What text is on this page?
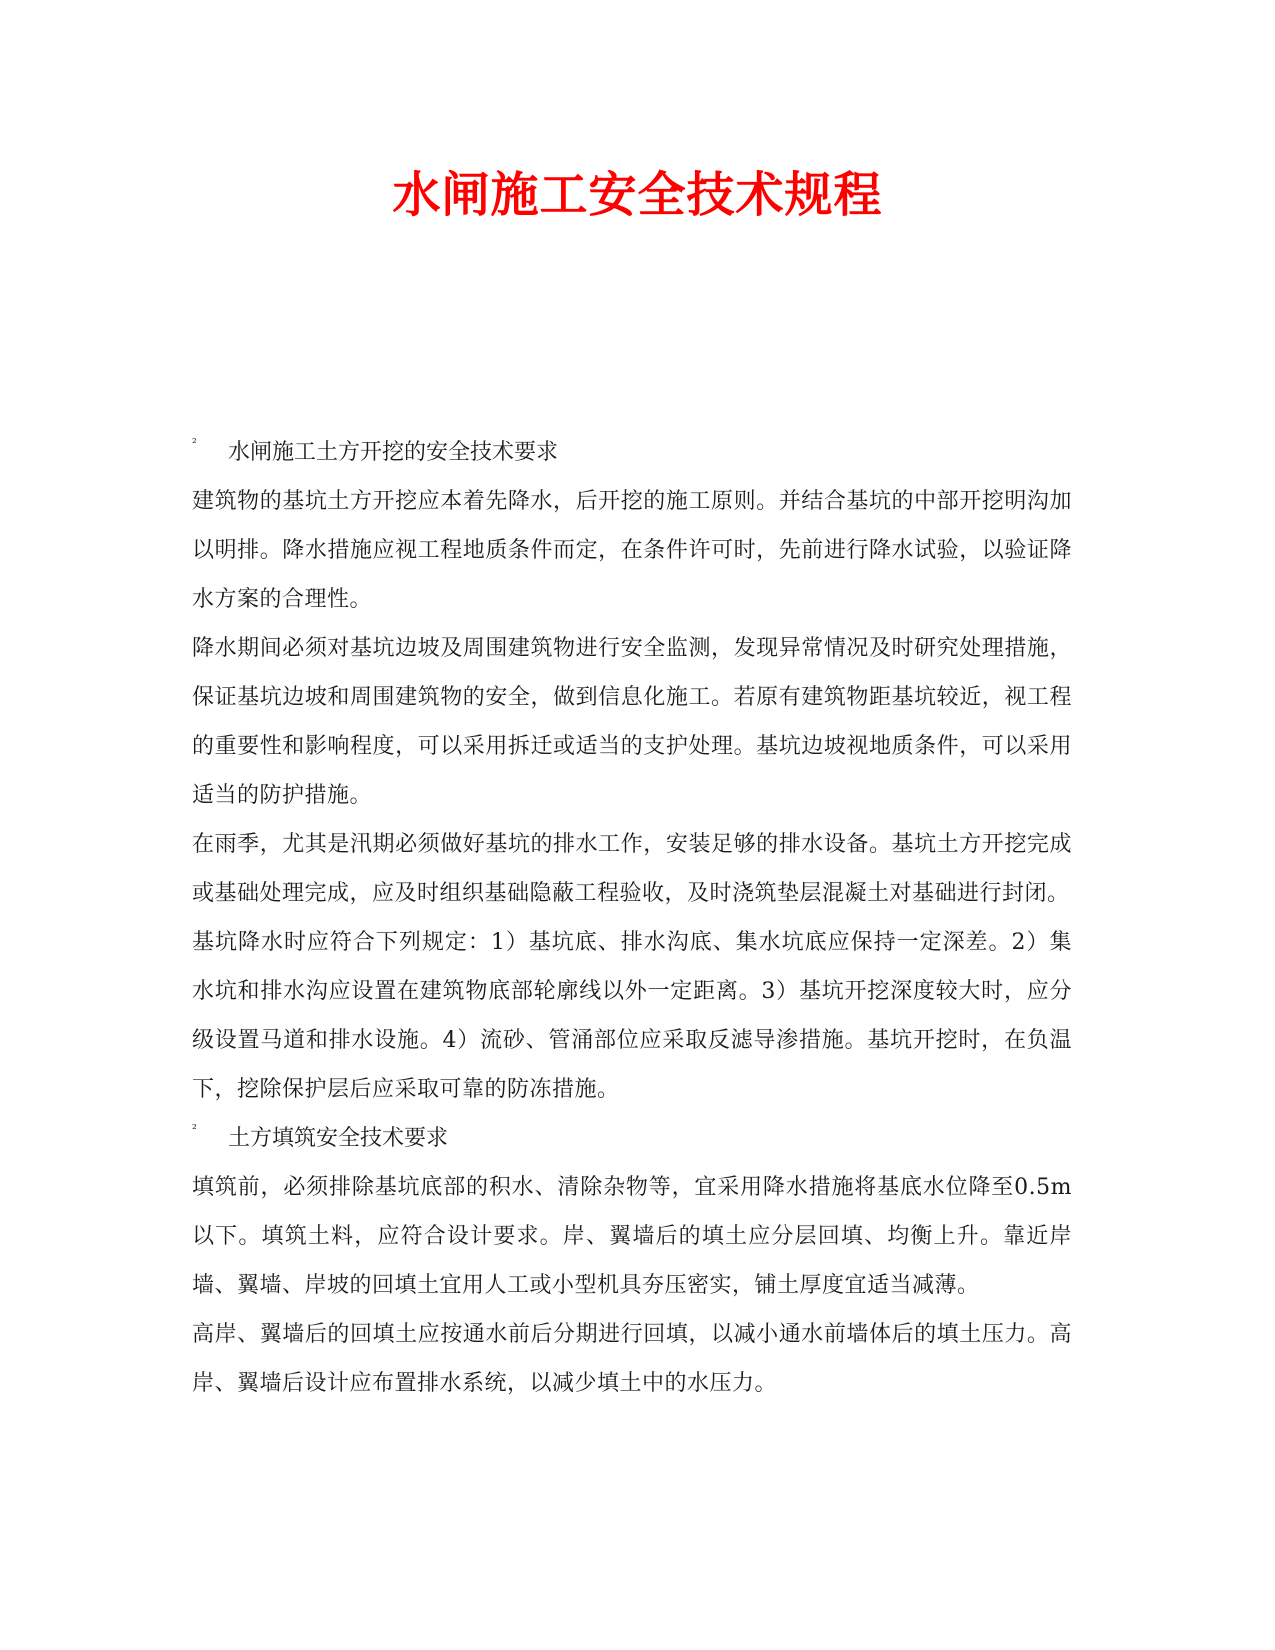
水闸施工安全技术规程
² 水闸施工土方开挖的安全技术要求

建筑物的基坑土方开挖应本着先降水，后开挖的施工原则。并结合基坑的中部开挖明沟加以明排。降水措施应视工程地质条件而定，在条件许可时，先前进行降水试验，以验证降水方案的合理性。

降水期间必须对基坑边坡及周围建筑物进行安全监测，发现异常情况及时研究处理措施，保证基坑边坡和周围建筑物的安全，做到信息化施工。若原有建筑物距基坑较近，视工程的重要性和影响程度，可以采用拆迁或适当的支护处理。基坑边坡视地质条件，可以采用适当的防护措施。

在雨季，尤其是汛期必须做好基坑的排水工作，安装足够的排水设备。基坑土方开挖完成或基础处理完成，应及时组织基础隐蔽工程验收，及时浇筑垫层混凝土对基础进行封闭。

基坑降水时应符合下列规定：1）基坑底、排水沟底、集水坑底应保持一定深差。2）集水坑和排水沟应设置在建筑物底部轮廓线以外一定距离。3）基坑开挖深度较大时，应分级设置马道和排水设施。4）流砂、管涌部位应采取反滤导渗措施。基坑开挖时，在负温下，挖除保护层后应采取可靠的防冻措施。

² 土方填筑安全技术要求

填筑前，必须排除基坑底部的积水、清除杂物等，宜采用降水措施将基底水位降至0.5m以下。填筑土料，应符合设计要求。岸、翼墙后的填土应分层回填、均衡上升。靠近岸墙、翼墙、岸坡的回填土宜用人工或小型机具夯压密实，铺土厚度宜适当减薄。

高岸、翼墙后的回填土应按通水前后分期进行回填，以减小通水前墙体后的填土压力。高岸、翼墙后设计应布置排水系统，以减少填土中的水压力。
